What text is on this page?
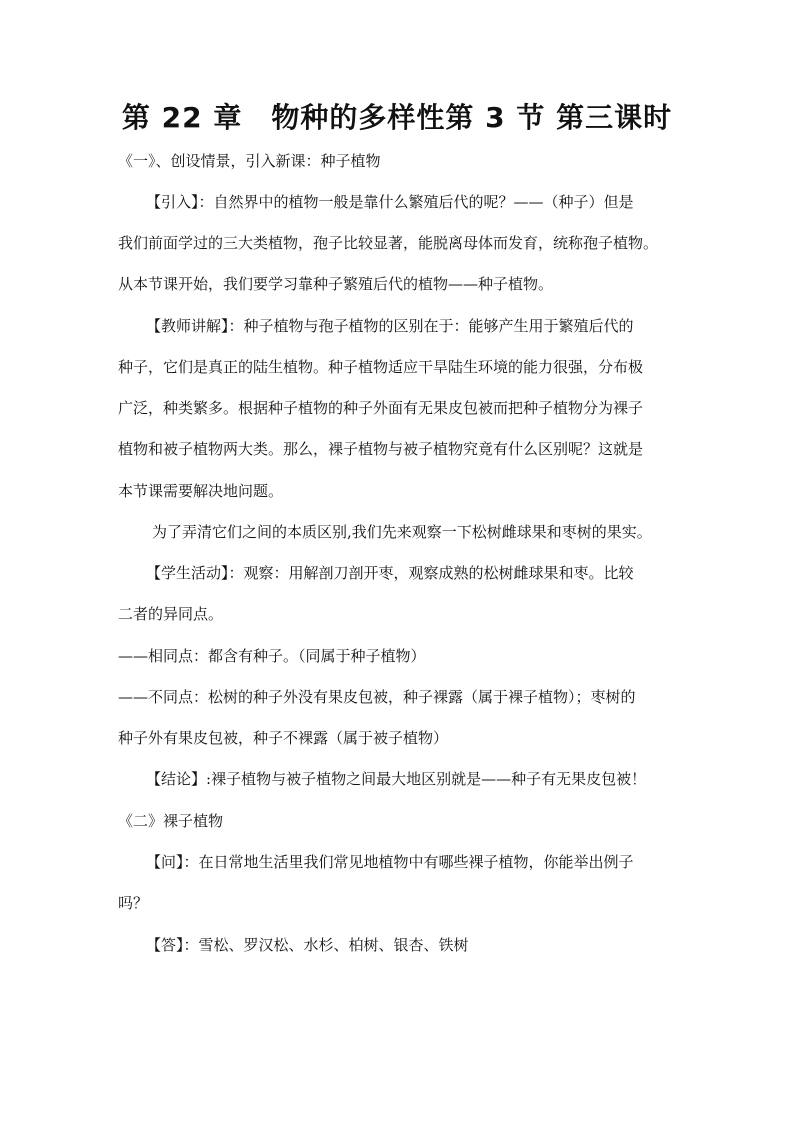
第 22 章　物种的多样性第 3 节 第三课时
《一》、创设情景，引入新课：种子植物
【引入】：自然界中的植物一般是靠什么繁殖后代的呢？——（种子）但是
我们前面学过的三大类植物，孢子比较显著，能脱离母体而发育，统称孢子植物。
从本节课开始，我们要学习靠种子繁殖后代的植物——种子植物。
【教师讲解】：种子植物与孢子植物的区别在于：能够产生用于繁殖后代的
种子，它们是真正的陆生植物。种子植物适应干旱陆生环境的能力很强，分布极
广泛，种类繁多。根据种子植物的种子外面有无果皮包被而把种子植物分为裸子
植物和被子植物两大类。那么，裸子植物与被子植物究竟有什么区别呢？这就是
本节课需要解决地问题。
为了弄清它们之间的本质区别,我们先来观察一下松树雌球果和枣树的果实。
【学生活动】：观察：用解剖刀剖开枣，观察成熟的松树雌球果和枣。比较
二者的异同点。
——相同点：都含有种子。（同属于种子植物）
——不同点：松树的种子外没有果皮包被，种子裸露（属于裸子植物）；枣树的
种子外有果皮包被，种子不裸露（属于被子植物）
【结论】:裸子植物与被子植物之间最大地区别就是——种子有无果皮包被！
《二》裸子植物
【问】：在日常地生活里我们常见地植物中有哪些裸子植物，你能举出例子
吗？
【答】：雪松、罗汉松、水杉、柏树、银杏、铁树
